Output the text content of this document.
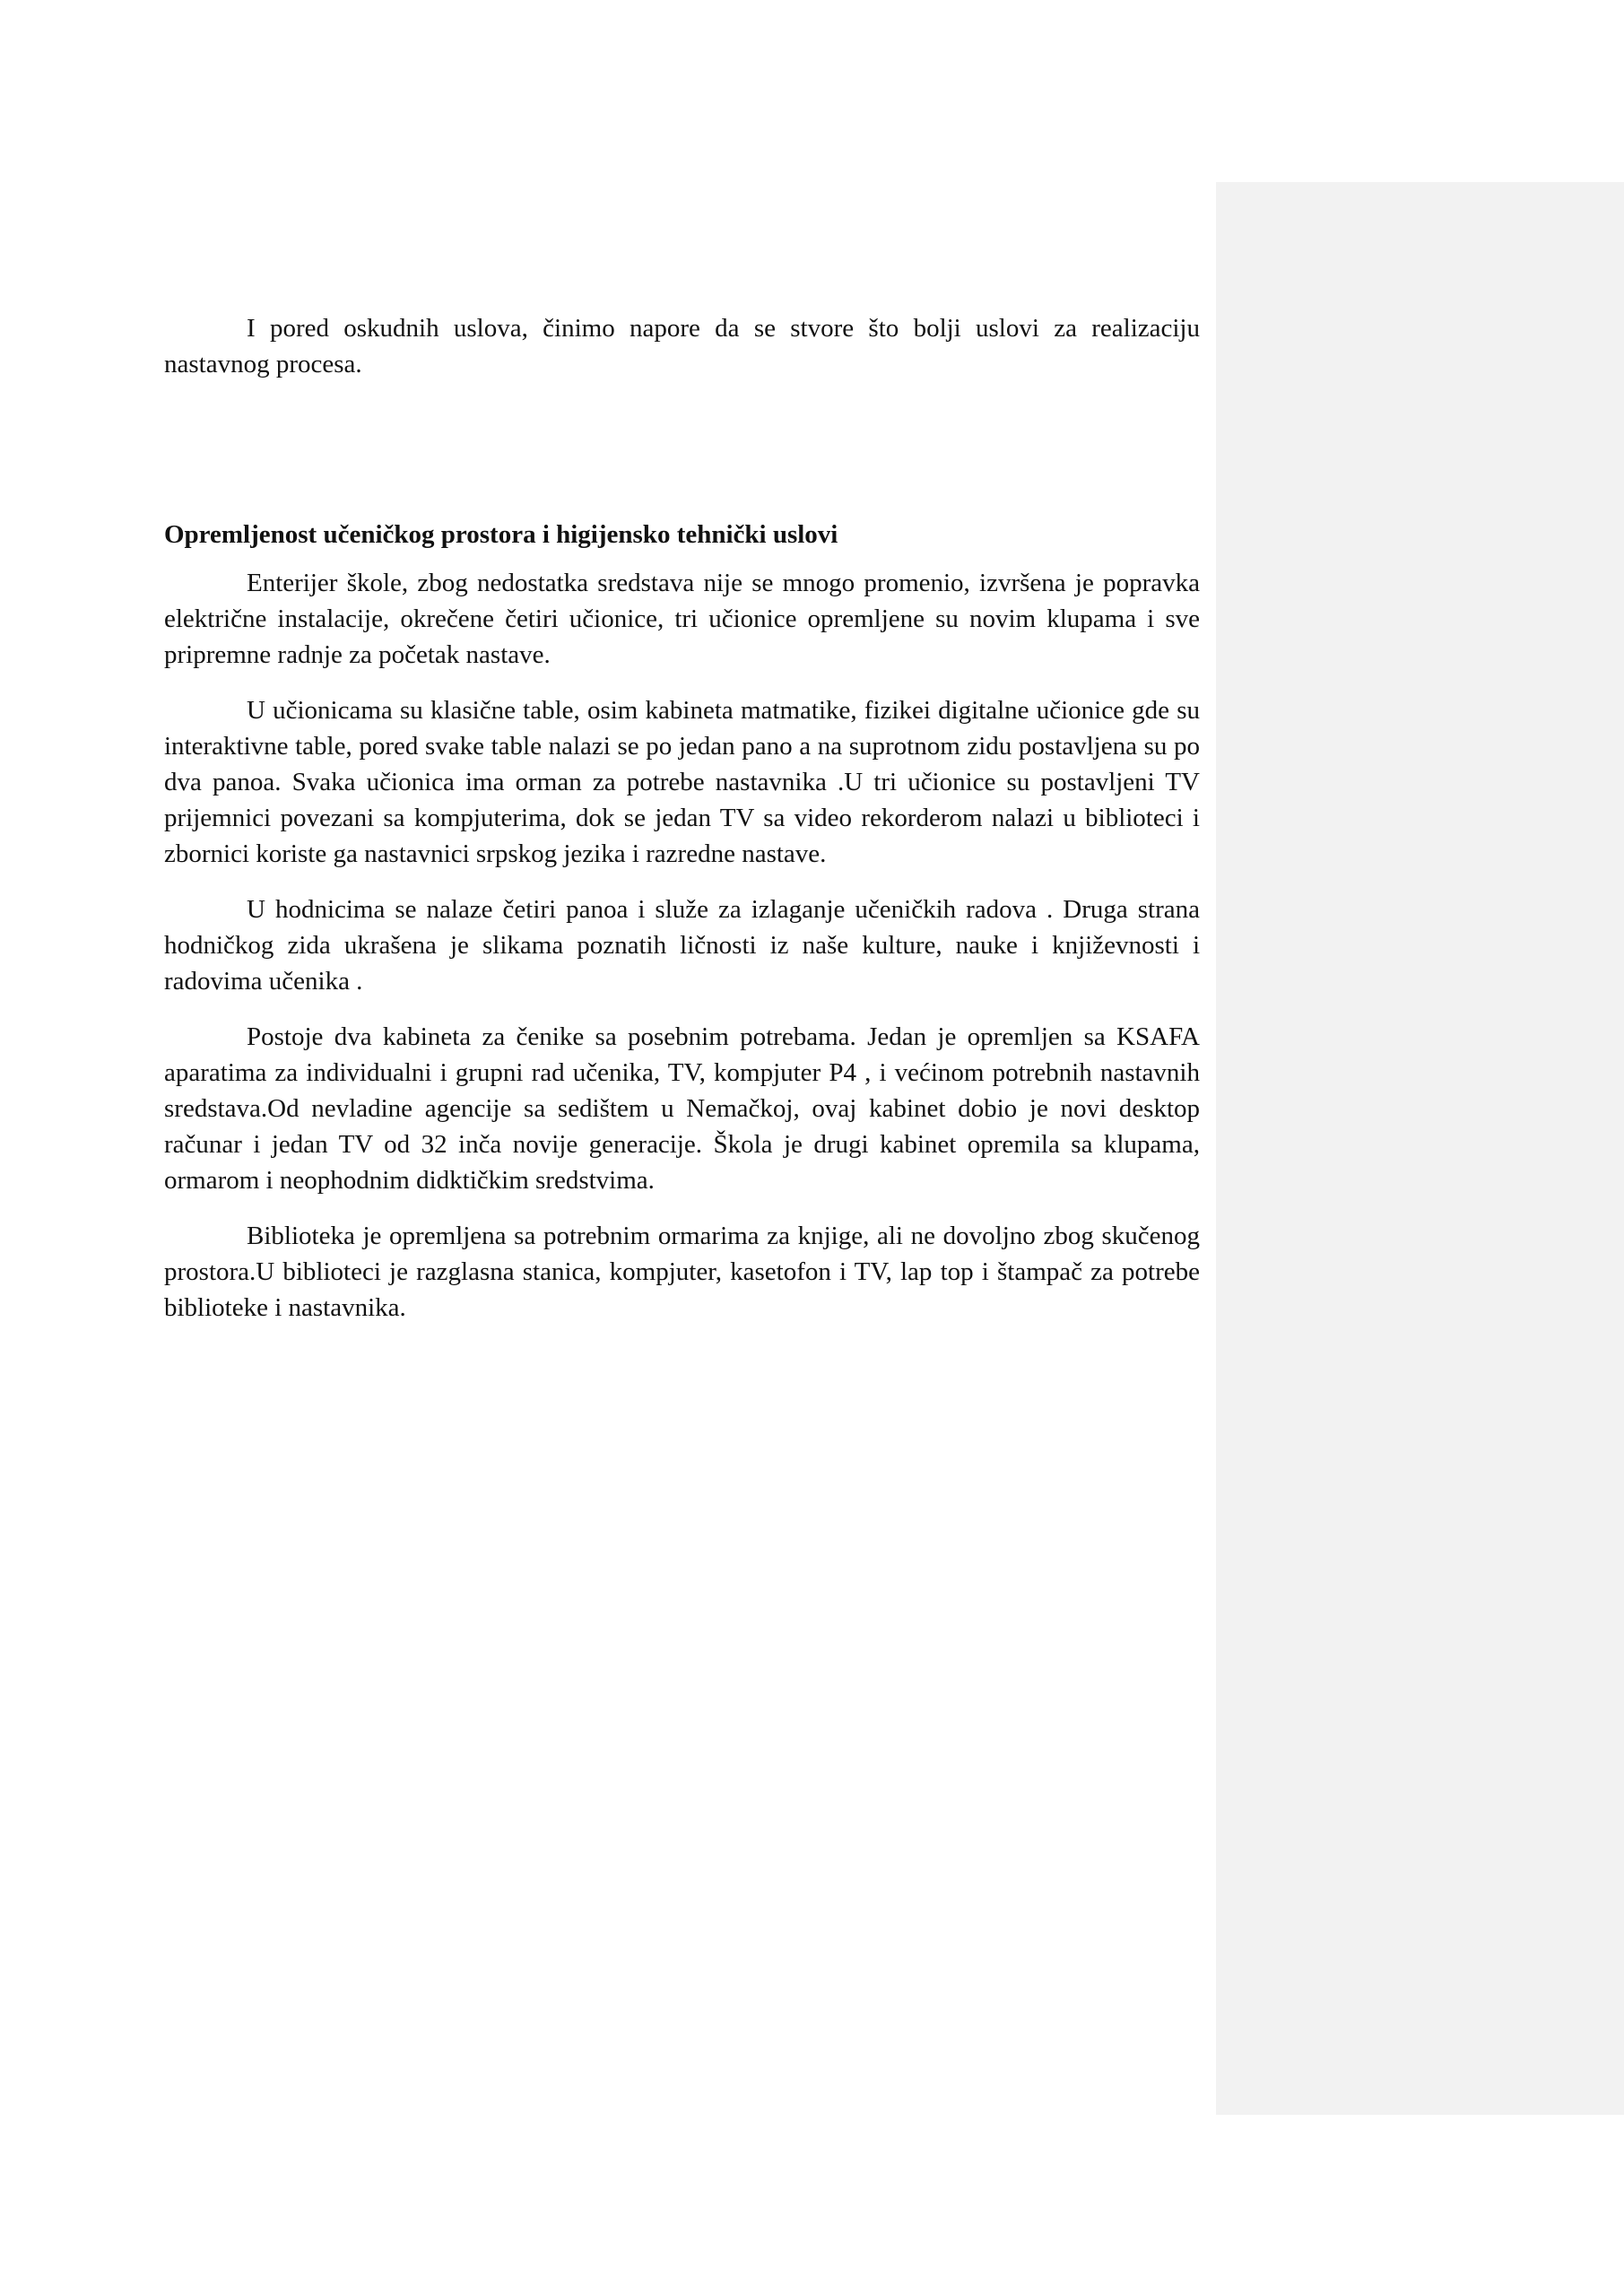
I pored oskudnih uslova, činimo napore da se stvore što bolji uslovi za realizaciju nastavnog procesa.

Opremljenost učeničkog prostora i higijensko tehnički uslovi

Enterijer škole, zbog nedostatka sredstava nije se mnogo promenio, izvršena je popravka električne instalacije, okrečene četiri učionice, tri učionice opremljene su novim klupama i sve pripremne radnje za početak nastave.

U učionicama su klasične table, osim kabineta matmatike, fizikei digitalne učionice gde su interaktivne table, pored svake table nalazi se po jedan pano a na suprotnom zidu postavljena su po dva panoa. Svaka učionica ima orman za potrebe nastavnika .U tri učionice su postavljeni TV prijemnici povezani sa kompjuterima, dok se jedan TV sa video rekorderom nalazi u biblioteci i zbornici koriste ga nastavnici srpskog jezika i razredne nastave.

U hodnicima se nalaze četiri panoa i služe za izlaganje učeničkih radova . Druga strana hodničkog zida ukrašena je slikama poznatih ličnosti iz naše kulture, nauke i književnosti i radovima učenika .

Postoje dva kabineta za čenike sa posebnim potrebama. Jedan je opremljen sa KSAFA aparatima za individualni i grupni rad učenika, TV, kompjuter P4 , i većinom potrebnih nastavnih sredstava.Od nevladine agencije sa sedištem u Nemačkoj, ovaj kabinet dobio je novi desktop računar i jedan TV od 32 inča novije generacije. Škola je drugi kabinet opremila sa klupama, ormarom i neophodnim didktičkim sredstvima.

Biblioteka je opremljena sa potrebnim ormarima za knjige, ali ne dovoljno zbog skučenog prostora.U biblioteci je razglasna stanica, kompjuter, kasetofon i TV, lap top i štampač za potrebe biblioteke i nastavnika.
